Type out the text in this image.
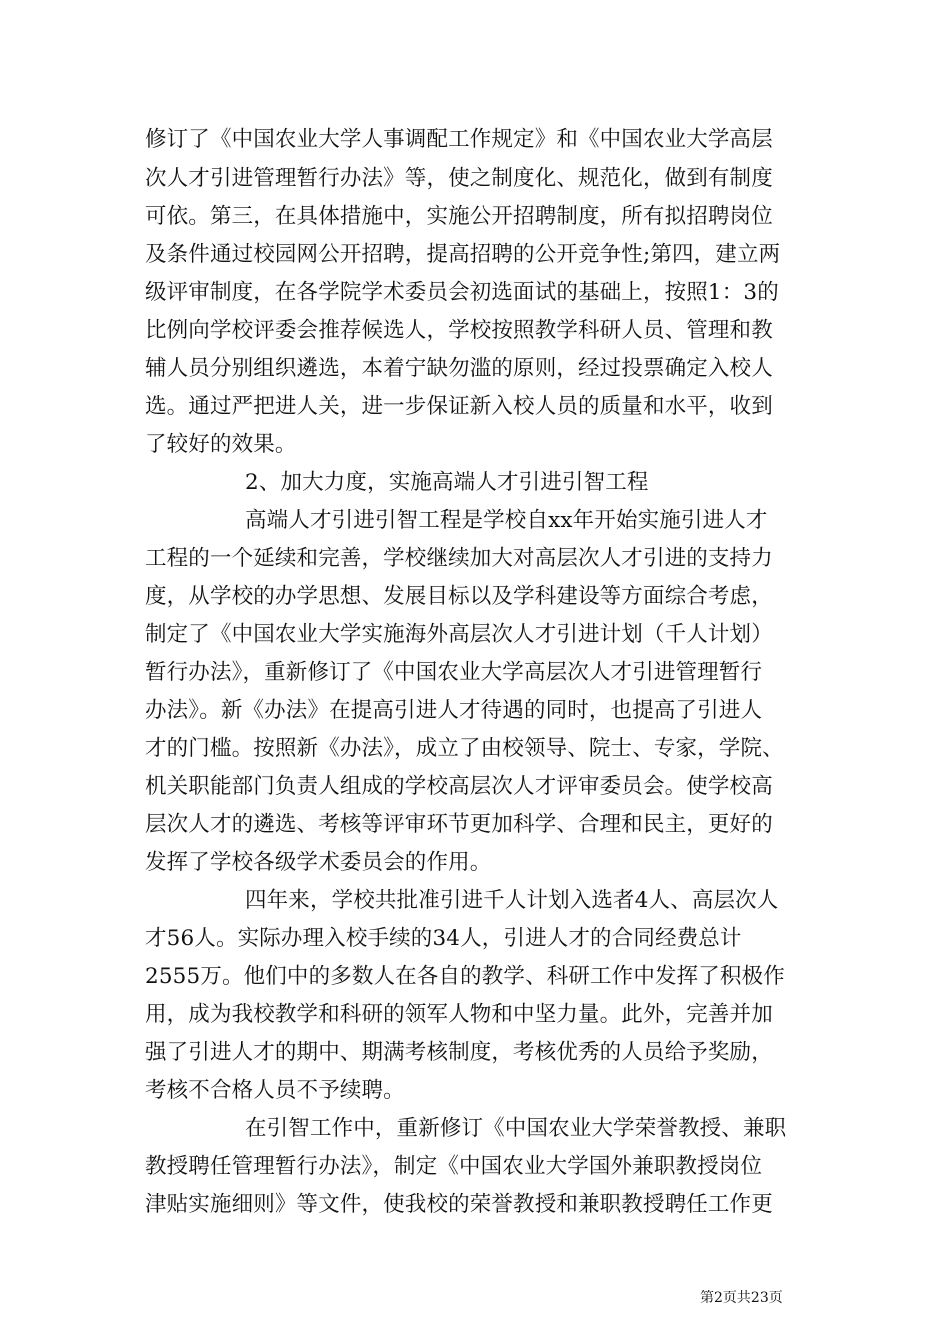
修订了《中国农业大学人事调配工作规定》和《中国农业大学高层
次人才引进管理暂行办法》等，使之制度化、规范化，做到有制度
可依。第三，在具体措施中，实施公开招聘制度，所有拟招聘岗位
及条件通过校园网公开招聘，提高招聘的公开竞争性;第四，建立两
级评审制度，在各学院学术委员会初选面试的基础上，按照1：3的
比例向学校评委会推荐候选人，学校按照教学科研人员、管理和教
辅人员分别组织遴选，本着宁缺勿滥的原则，经过投票确定入校人
选。通过严把进人关，进一步保证新入校人员的质量和水平，收到
了较好的效果。
2、加大力度，实施高端人才引进引智工程
高端人才引进引智工程是学校自xx年开始实施引进人才
工程的一个延续和完善，学校继续加大对高层次人才引进的支持力
度，从学校的办学思想、发展目标以及学科建设等方面综合考虑，
制定了《中国农业大学实施海外高层次人才引进计划（千人计划）
暂行办法》，重新修订了《中国农业大学高层次人才引进管理暂行
办法》。新《办法》在提高引进人才待遇的同时，也提高了引进人
才的门槛。按照新《办法》，成立了由校领导、院士、专家，学院、
机关职能部门负责人组成的学校高层次人才评审委员会。使学校高
层次人才的遴选、考核等评审环节更加科学、合理和民主，更好的
发挥了学校各级学术委员会的作用。
四年来，学校共批准引进千人计划入选者4人、高层次人
才56人。实际办理入校手续的34人，引进人才的合同经费总计
2555万。他们中的多数人在各自的教学、科研工作中发挥了积极作
用，成为我校教学和科研的领军人物和中坚力量。此外，完善并加
强了引进人才的期中、期满考核制度，考核优秀的人员给予奖励，
考核不合格人员不予续聘。
在引智工作中，重新修订《中国农业大学荣誉教授、兼职
教授聘任管理暂行办法》，制定《中国农业大学国外兼职教授岗位
津贴实施细则》等文件，使我校的荣誉教授和兼职教授聘任工作更
第2页共23页
